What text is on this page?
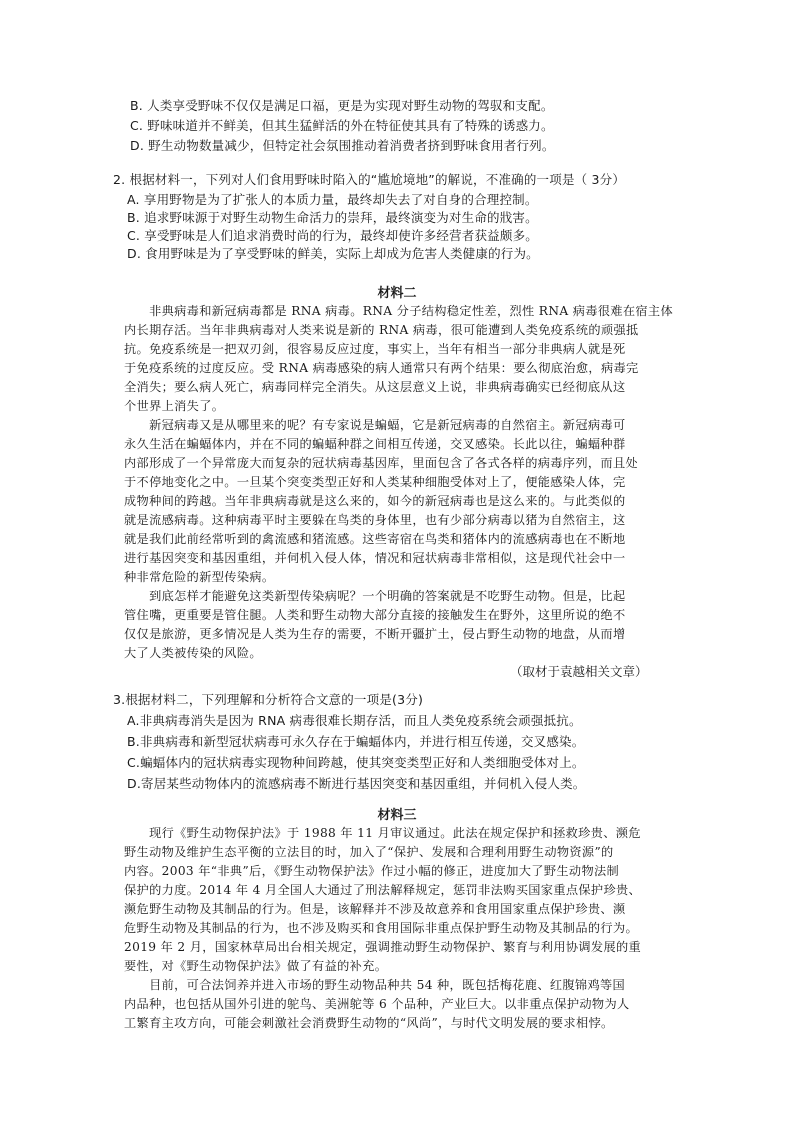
B. 人类享受野味不仅仅是满足口福，更是为实现对野生动物的驾驭和支配。
C. 野味味道并不鲜美，但其生猛鲜活的外在特征使其具有了特殊的诱惑力。
D. 野生动物数量减少，但特定社会氛围推动着消费者挤到野味食用者行列。
2. 根据材料一，下列对人们食用野味时陷入的“尴尬境地”的解说，不准确的一项是（ 3分）
A. 享用野物是为了扩张人的本质力量，最终却失去了对自身的合理控制。
B. 追求野味源于对野生动物生命活力的崇拜，最终演变为对生命的戕害。
C. 享受野味是人们追求消费时尚的行为，最终却使许多经营者获益颇多。
D. 食用野味是为了享受野味的鲜美，实际上却成为危害人类健康的行为。
材料二
　　非典病毒和新冠病毒都是 RNA 病毒。RNA 分子结构稳定性差，烈性 RNA 病毒很难在宿主体
内长期存活。当年非典病毒对人类来说是新的 RNA 病毒，很可能遭到人类免疫系统的顽强抵
抗。免疫系统是一把双刃剑，很容易反应过度，事实上，当年有相当一部分非典病人就是死
于免疫系统的过度反应。受 RNA 病毒感染的病人通常只有两个结果：要么彻底治愈，病毒完
全消失；要么病人死亡，病毒同样完全消失。从这层意义上说，非典病毒确实已经彻底从这
个世界上消失了。
　　新冠病毒又是从哪里来的呢？有专家说是蝙蝠，它是新冠病毒的自然宿主。新冠病毒可
永久生活在蝙蝠体内，并在不同的蝙蝠种群之间相互传递，交叉感染。长此以往，蝙蝠种群
内部形成了一个异常庞大而复杂的冠状病毒基因库，里面包含了各式各样的病毒序列，而且处
于不停地变化之中。一旦某个突变类型正好和人类某种细胞受体对上了，便能感染人体，完
成物种间的跨越。当年非典病毒就是这么来的，如今的新冠病毒也是这么来的。与此类似的
就是流感病毒。这种病毒平时主要躲在鸟类的身体里，也有少部分病毒以猪为自然宿主，这
就是我们此前经常听到的禽流感和猪流感。这些寄宿在鸟类和猪体内的流感病毒也在不断地
进行基因突变和基因重组，并伺机入侵人体，情况和冠状病毒非常相似，这是现代社会中一
种非常危险的新型传染病。
　　到底怎样才能避免这类新型传染病呢？一个明确的答案就是不吃野生动物。但是，比起
管住嘴，更重要是管住腿。人类和野生动物大部分直接的接触发生在野外，这里所说的绝不
仅仅是旅游，更多情况是人类为生存的需要，不断开疆扩土，侵占野生动物的地盘，从而增
大了人类被传染的风险。
（取材于袁越相关文章）
3.根据材料二，下列理解和分析符合文意的一项是(3分)
A.非典病毒消失是因为 RNA 病毒很难长期存活，而且人类免疫系统会顽强抵抗。
B.非典病毒和新型冠状病毒可永久存在于蝙蝠体内，并进行相互传递，交叉感染。
C.蝙蝠体内的冠状病毒实现物种间跨越，使其突变类型正好和人类细胞受体对上。
D.寄居某些动物体内的流感病毒不断进行基因突变和基因重组，并伺机入侵人类。
材料三
　　现行《野生动物保护法》于 1988 年 11 月审议通过。此法在规定保护和拯救珍贵、濒危
野生动物及维护生态平衡的立法目的时，加入了“保护、发展和合理利用野生动物资源”的
内容。2003 年“非典”后，《野生动物保护法》作过小幅的修正，进度加大了野生动物法制
保护的力度。2014 年 4 月全国人大通过了刑法解释规定，惩罚非法购买国家重点保护珍贵、
濒危野生动物及其制品的行为。但是，该解释并不涉及故意养和食用国家重点保护珍贵、濒
危野生动物及其制品的行为，也不涉及购买和食用国际非重点保护野生动物及其制品的行为。
2019 年 2 月，国家林草局出台相关规定，强调推动野生动物保护、繁育与利用协调发展的重
要性，对《野生动物保护法》做了有益的补充。
　　目前，可合法饲养并进入市场的野生动物品种共 54 种，既包括梅花鹿、红腹锦鸡等国
内品种，也包括从国外引进的鸵鸟、美洲鸵等 6 个品种，产业巨大。以非重点保护动物为人
工繁育主攻方向，可能会刺激社会消费野生动物的“风尚”，与时代文明发展的要求相悖。
